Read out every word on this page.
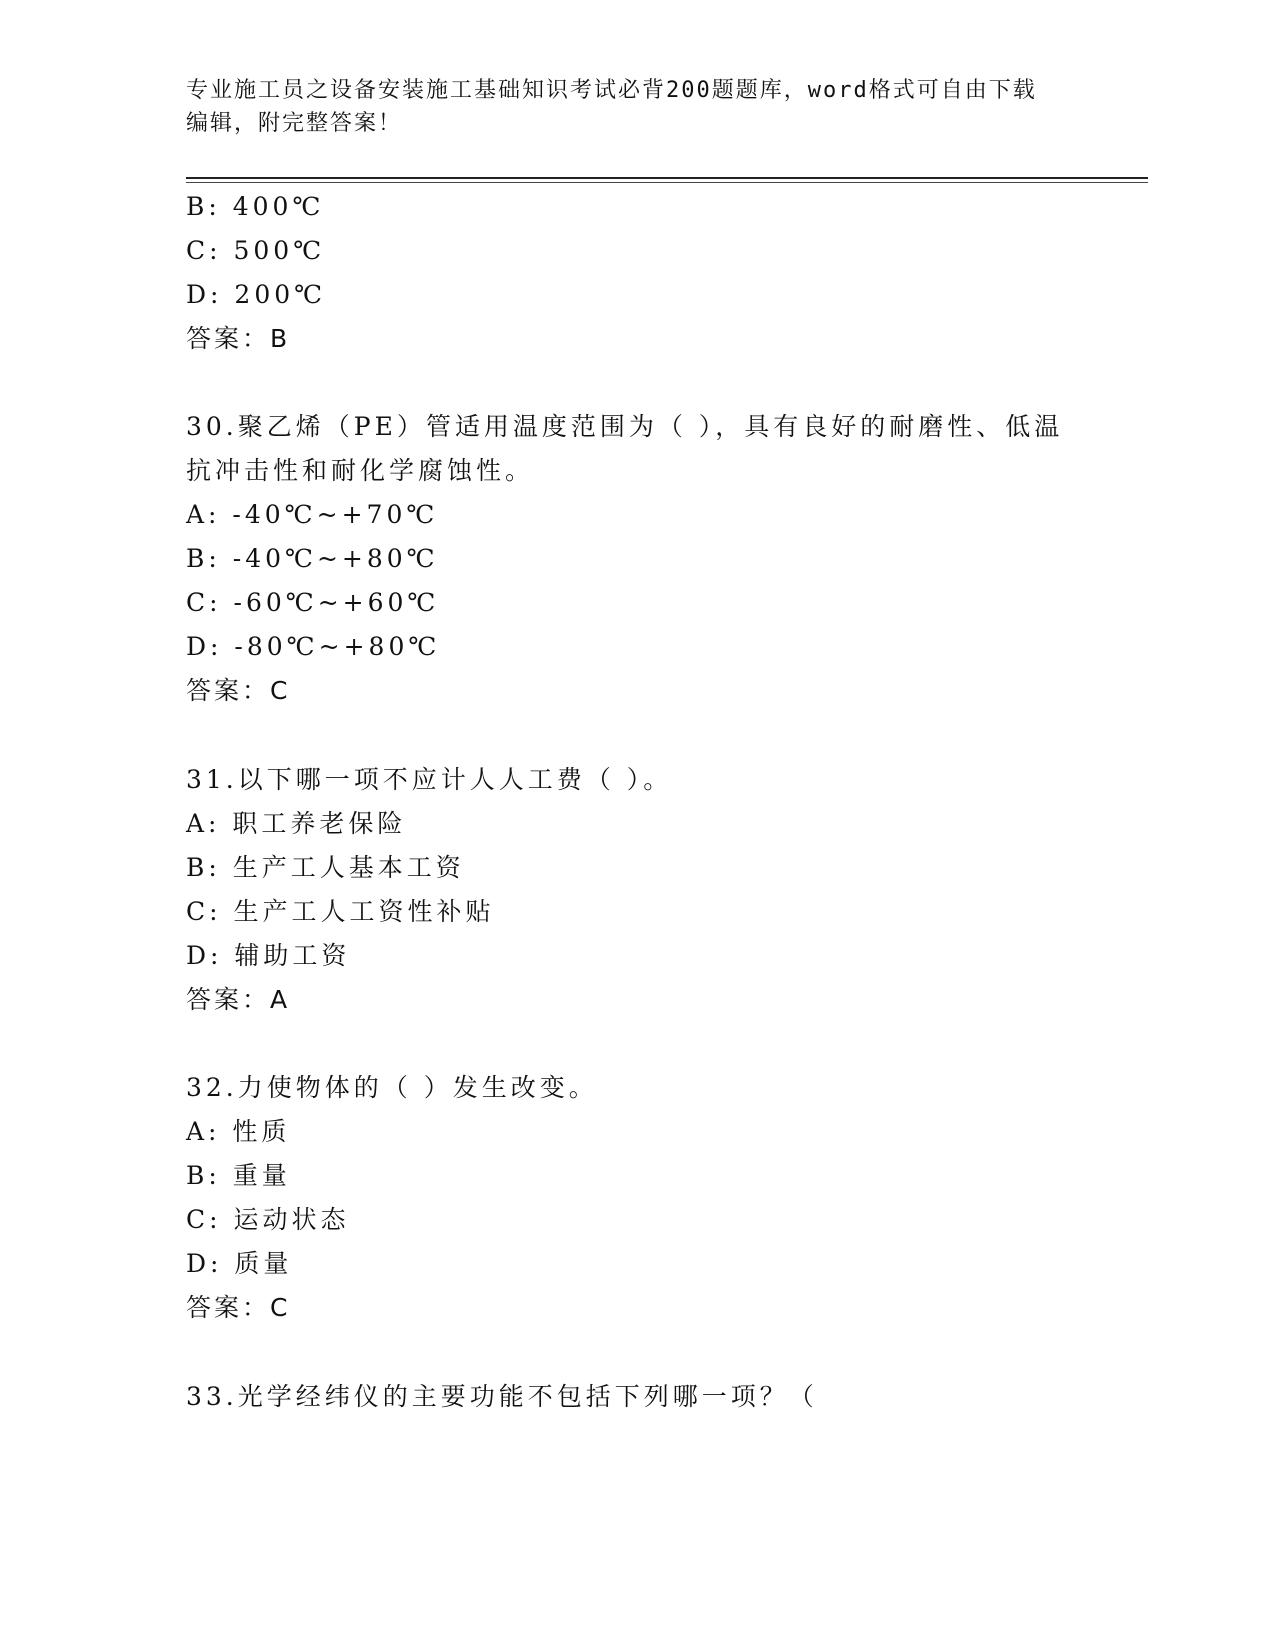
专业施工员之设备安装施工基础知识考试必背200题题库，word格式可自由下载
编辑，附完整答案！
B: 400℃
C: 500℃
D: 200℃
答案：B
30.聚乙烯（PE）管适用温度范围为（ ），具有良好的耐磨性、低温
抗冲击性和耐化学腐蚀性。
A: -40℃~+70℃
B: -40℃~+80℃
C: -60℃~+60℃
D: -80℃~+80℃
答案：C
31.以下哪一项不应计人人工费（ ）。
A: 职工养老保险
B: 生产工人基本工资
C: 生产工人工资性补贴
D: 辅助工资
答案：A
32.力使物体的（ ）发生改变。
A: 性质
B: 重量
C: 运动状态
D: 质量
答案：C
33.光学经纬仪的主要功能不包括下列哪一项？（
